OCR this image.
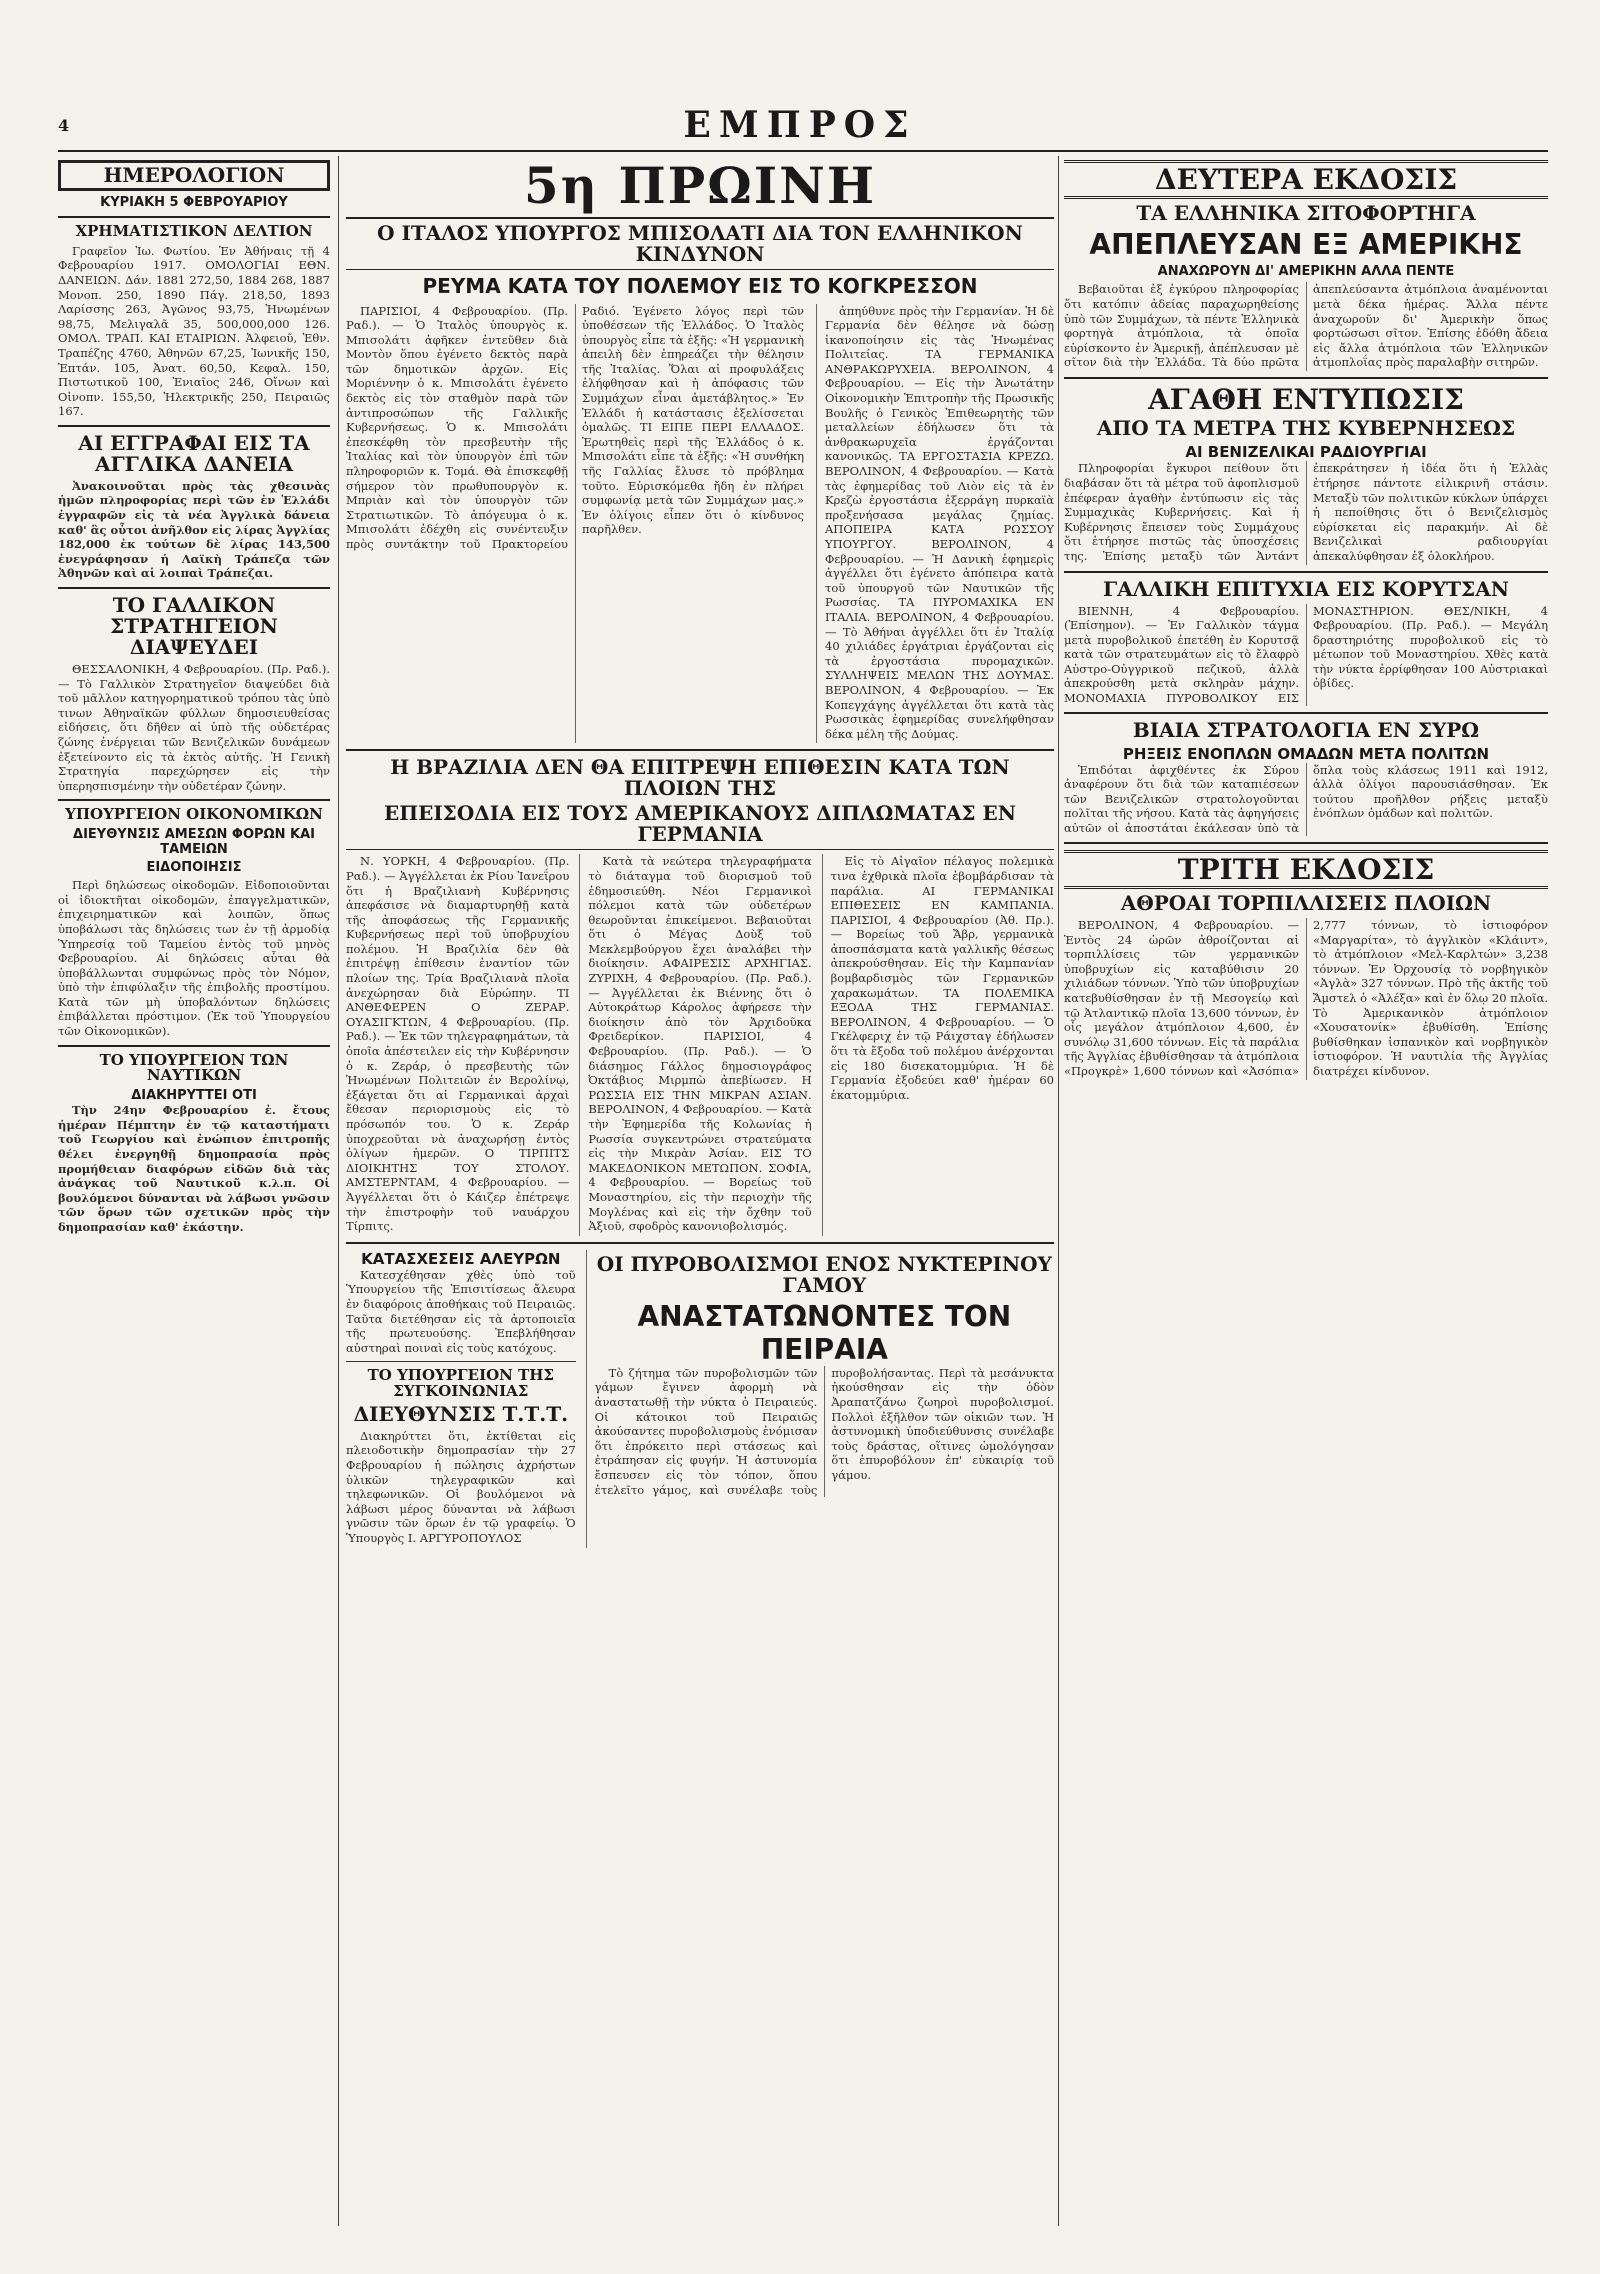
4	ΕΜΠΡΟΣ
ΗΜΕΡΟΛΟΓΙΟΝ
ΚΥΡΙΑΚΗ 5 ΦΕΒΡΟΥΑΡΙΟΥ
ΧΡΗΜΑΤΙΣΤΙΚΟΝ ΔΕΛΤΙΟΝ

Γραφεῖον Ἰω. Φωτίου. Ἐν Ἀθήναις τῇ 4 Φεβρουαρίου 1917. ΟΜΟΛΟΓΙΑΙ ΕΘΝ. ΔΑΝΕΙΩΝ. Δάν. 1881 272,50, 1884 268, 1887 Μονοπ. 250, 1890 Πάγ. 218,50, 1893 Λαρίσσης 263, Ἀγῶνος 93,75, Ἠνωμένων 98,75, Μελιγαλᾶ 35, 500,000,000 126. ΟΜΟΛ. ΤΡΑΠ. ΚΑΙ ΕΤΑΙΡΙΩΝ. Ἀλφειοῦ, Ἐθν. Τραπέζης 4760, Ἀθηνῶν 67,25, Ἰωνικῆς 150, Ἐπτάν. 105, Ἀνατ. 60,50, Κεφαλ. 150, Πιστωτικοῦ 100, Ἐνιαῖος 246, Οἴνων καὶ Οἰνοπν. 155,50, Ἠλεκτρικῆς 250, Πειραιῶς 167.

ΑΙ ΕΓΓΡΑΦΑΙ ΕΙΣ ΤΑ ΑΓΓΛΙΚΑ ΔΑΝΕΙΑ

Ἀνακοινοῦται πρὸς τὰς χθεσινὰς ἡμῶν πληροφορίας περὶ τῶν ἐν Ἑλλάδι ἐγγραφῶν εἰς τὰ νέα Ἀγγλικὰ δάνεια καθ' ἃς οὗτοι ἀνῆλθον εἰς λίρας Ἀγγλίας 182,000 ἐκ τούτων δὲ λίρας 143,500 ἐνεγράφησαν ἡ Λαϊκὴ Τράπεζα τῶν Ἀθηνῶν καὶ αἱ λοιπαὶ Τράπεζαι.

ΤΟ ΓΑΛΛΙΚΟΝ ΣΤΡΑΤΗΓΕΙΟΝ ΔΙΑΨΕΥΔΕΙ

ΘΕΣΣΑΛΟΝΙΚΗ, 4 Φεβρουαρίου. (Πρ. Ραδ.). — Τὸ Γαλλικὸν Στρατηγεῖον διαψεύδει διὰ τοῦ μᾶλλον κατηγορηματικοῦ τρόπου τὰς ὑπὸ τινων Ἀθηναϊκῶν φύλλων δημοσιευθείσας εἰδήσεις, ὅτι δῆθεν αἱ ὑπὸ τῆς οὐδετέρας ζώνης ἐνέργειαι τῶν Βενιζελικῶν δυνάμεων ἐξετείνοντο εἰς τὰ ἐκτὸς αὐτῆς. Ἡ Γενικὴ Στρατηγία παρεχώρησεν εἰς τὴν ὑπερησπισμένην τὴν οὐδετέραν ζώνην.

ΥΠΟΥΡΓΕΙΟΝ ΟΙΚΟΝΟΜΙΚΩΝ
ΔΙΕΥΘΥΝΣΙΣ ΑΜΕΣΩΝ ΦΟΡΩΝ ΚΑΙ ΤΑΜΕΙΩΝ
ΕΙΔΟΠΟΙΗΣΙΣ

Περὶ δηλώσεως οἰκοδομῶν. Εἰδοποιοῦνται οἱ ἰδιοκτῆται οἰκοδομῶν, ἐπαγγελματικῶν, ἐπιχειρηματικῶν καὶ λοιπῶν, ὅπως ὑποβάλωσι τὰς δηλώσεις των ἐν τῇ ἀρμοδίᾳ Ὑπηρεσίᾳ τοῦ Ταμείου ἐντὸς τοῦ μηνὸς Φεβρουαρίου. Αἱ δηλώσεις αὗται θὰ ὑποβάλλωνται συμφώνως πρὸς τὸν Νόμον, ὑπὸ τὴν ἐπιφύλαξιν τῆς ἐπιβολῆς προστίμου. Κατὰ τῶν μὴ ὑποβαλόντων δηλώσεις ἐπιβάλλεται πρόστιμον. (Ἐκ τοῦ Ὑπουργείου τῶν Οἰκονομικῶν).

ΤΟ ΥΠΟΥΡΓΕΙΟΝ ΤΩΝ ΝΑΥΤΙΚΩΝ
ΔΙΑΚΗΡΥΤΤΕΙ ΟΤΙ

Τὴν 24ην Φεβρουαρίου ἐ. ἔτους ἡμέραν Πέμπτην ἐν τῷ καταστήματι τοῦ Γεωργίου καὶ ἐνώπιον ἐπιτροπῆς θέλει ἐνεργηθῇ δημοπρασία πρὸς προμήθειαν διαφόρων εἰδῶν διὰ τὰς ἀνάγκας τοῦ Ναυτικοῦ κ.λ.π. Οἱ βουλόμενοι δύνανται νὰ λάβωσι γνῶσιν τῶν ὅρων τῶν σχετικῶν πρὸς τὴν δημοπρασίαν καθ' ἑκάστην.

5η ΠΡΩΙΝΗ
Ο ΙΤΑΛΟΣ ΥΠΟΥΡΓΟΣ ΜΠΙΣΟΛΑΤΙ ΔΙΑ ΤΟΝ ΕΛΛΗΝΙΚΟΝ ΚΙΝΔΥΝΟΝ
ΡΕΥΜΑ ΚΑΤΑ ΤΟΥ ΠΟΛΕΜΟΥ ΕΙΣ ΤΟ ΚΟΓΚΡΕΣΣΟΝ

ΠΑΡΙΣΙΟΙ, 4 Φεβρουαρίου. (Πρ. Ραδ.). — Ὁ Ἰταλὸς ὑπουργὸς κ. Μπισολάτι ἀφῆκεν ἐντεῦθεν διὰ Μοντὸν ὅπου ἐγένετο δεκτὸς παρὰ τῶν δημοτικῶν ἀρχῶν. Εἰς Μοριέννην ὁ κ. Μπισολάτι ἐγένετο δεκτὸς εἰς τὸν σταθμὸν παρὰ τῶν ἀντιπροσώπων τῆς Γαλλικῆς Κυβερνήσεως. Ὁ κ. Μπισολάτι ἐπεσκέφθη τὸν πρεσβευτὴν τῆς Ἰταλίας καὶ τὸν ὑπουργὸν ἐπὶ τῶν πληροφοριῶν κ. Τομά. Θὰ ἐπισκεφθῇ σήμερον τὸν πρωθυπουργὸν κ. Μπριὰν καὶ τὸν ὑπουργὸν τῶν Στρατιωτικῶν. Τὸ ἀπόγευμα ὁ κ. Μπισολάτι ἐδέχθη εἰς συνέντευξιν πρὸς συντάκτην τοῦ Πρακτορείου Ραδιό. Ἐγένετο λόγος περὶ τῶν ὑποθέσεων τῆς Ἑλλάδος. Ὁ Ἰταλὸς ὑπουργὸς εἶπε τὰ ἑξῆς: «Ἡ γερμανικὴ ἀπειλὴ δὲν ἐπηρεάζει τὴν θέλησιν τῆς Ἰταλίας. Ὅλαι αἱ προφυλάξεις ἐλήφθησαν καὶ ἡ ἀπόφασις τῶν Συμμάχων εἶναι ἀμετάβλητος.» Ἐν Ἑλλάδι ἡ κατάστασις ἐξελίσσεται ὁμαλῶς. ΤΙ ΕΙΠΕ ΠΕΡΙ ΕΛΛΑΔΟΣ. Ἐρωτηθεὶς περὶ τῆς Ἑλλάδος ὁ κ. Μπισολάτι εἶπε τὰ ἑξῆς: «Ἡ συνθήκη τῆς Γαλλίας ἔλυσε τὸ πρόβλημα τοῦτο. Εὑρισκόμεθα ἤδη ἐν πλήρει συμφωνίᾳ μετὰ τῶν Συμμάχων μας.» Ἐν ὀλίγοις εἶπεν ὅτι ὁ κίνδυνος παρῆλθεν.

ἀπηύθυνε πρὸς τὴν Γερμανίαν. Ἡ δὲ Γερμανία δὲν θέλησε νὰ δώσῃ ἱκανοποίησιν εἰς τὰς Ἡνωμένας Πολιτείας. ΤΑ ΓΕΡΜΑΝΙΚΑ ΑΝΘΡΑΚΩΡΥΧΕΙΑ. ΒΕΡΟΛΙΝΟΝ, 4 Φεβρουαρίου. — Εἰς τὴν Ἀνωτάτην Οἰκονομικὴν Ἐπιτροπὴν τῆς Πρωσικῆς Βουλῆς ὁ Γενικὸς Ἐπιθεωρητὴς τῶν μεταλλείων ἐδήλωσεν ὅτι τὰ ἀνθρακωρυχεῖα ἐργάζονται κανονικῶς. ΤΑ ΕΡΓΟΣΤΑΣΙΑ ΚΡΕΖΩ. ΒΕΡΟΛΙΝΟΝ, 4 Φεβρουαρίου. — Κατὰ τὰς ἐφημερίδας τοῦ Λιὸν εἰς τὰ ἐν Κρεζὼ ἐργοστάσια ἐξερράγη πυρκαϊὰ προξενήσασα μεγάλας ζημίας. ΑΠΟΠΕΙΡΑ ΚΑΤΑ ΡΩΣΣΟΥ ΥΠΟΥΡΓΟΥ. ΒΕΡΟΛΙΝΟΝ, 4 Φεβρουαρίου. — Ἡ Δανικὴ ἐφημερὶς ἀγγέλλει ὅτι ἐγένετο ἀπόπειρα κατὰ τοῦ ὑπουργοῦ τῶν Ναυτικῶν τῆς Ρωσσίας. ΤΑ ΠΥΡΟΜΑΧΙΚΑ ΕΝ ΙΤΑΛΙΑ. ΒΕΡΟΛΙΝΟΝ, 4 Φεβρουαρίου. — Τὸ Ἀθήναι ἀγγέλλει ὅτι ἐν Ἰταλίᾳ 40 χιλιάδες ἐργάτριαι ἐργάζονται εἰς τὰ ἐργοστάσια πυρομαχικῶν. ΣΥΛΛΗΨΕΙΣ ΜΕΛΩΝ ΤΗΣ ΔΟΥΜΑΣ. ΒΕΡΟΛΙΝΟΝ, 4 Φεβρουαρίου. — Ἐκ Κοπεγχάγης ἀγγέλλεται ὅτι κατὰ τὰς Ρωσσικὰς ἐφημερίδας συνελήφθησαν δέκα μέλη τῆς Δούμας.

Η ΒΡΑΖΙΛΙΑ ΔΕΝ ΘΑ ΕΠΙΤΡΕΨΗ ΕΠΙΘΕΣΙΝ ΚΑΤΑ ΤΩΝ ΠΛΟΙΩΝ ΤΗΣ
ΕΠΕΙΣΟΔΙΑ ΕΙΣ ΤΟΥΣ ΑΜΕΡΙΚΑΝΟΥΣ ΔΙΠΛΩΜΑΤΑΣ ΕΝ ΓΕΡΜΑΝΙΑ

Ν. ΥΟΡΚΗ, 4 Φεβρουαρίου. (Πρ. Ραδ.). — Ἀγγέλλεται ἐκ Ρίου Ἰανεΐρου ὅτι ἡ Βραζιλιανὴ Κυβέρνησις ἀπεφάσισε νὰ διαμαρτυρηθῇ κατὰ τῆς ἀποφάσεως τῆς Γερμανικῆς Κυβερνήσεως περὶ τοῦ ὑποβρυχίου πολέμου. Ἡ Βραζιλία δὲν θὰ ἐπιτρέψῃ ἐπίθεσιν ἐναντίον τῶν πλοίων της. Τρία Βραζιλιανὰ πλοῖα ἀνεχώρησαν διὰ Εὐρώπην. ΤΙ ΑΝΘΕΦΕΡΕΝ Ο ΖΕΡΑΡ. ΟΥΑΣΙΓΚΤΩΝ, 4 Φεβρουαρίου. (Πρ. Ραδ.). — Ἐκ τῶν τηλεγραφημάτων, τὰ ὁποῖα ἀπέστειλεν εἰς τὴν Κυβέρνησιν ὁ κ. Ζεράρ, ὁ πρεσβευτὴς τῶν Ἡνωμένων Πολιτειῶν ἐν Βερολίνῳ, ἐξάγεται ὅτι αἱ Γερμανικαὶ ἀρχαὶ ἔθεσαν περιορισμοὺς εἰς τὸ πρόσωπόν του. Ὁ κ. Ζεράρ ὑποχρεοῦται νὰ ἀναχωρήσῃ ἐντὸς ὀλίγων ἡμερῶν. Ο ΤΙΡΠΙΤΣ ΔΙΟΙΚΗΤΗΣ ΤΟΥ ΣΤΟΛΟΥ. ΑΜΣΤΕΡΝΤΑΜ, 4 Φεβρουαρίου. — Ἀγγέλλεται ὅτι ὁ Κάιζερ ἐπέτρεψε τὴν ἐπιστροφὴν τοῦ ναυάρχου Τίρπιτς.

Κατὰ τὰ νεώτερα τηλεγραφήματα τὸ διάταγμα τοῦ διορισμοῦ τοῦ ἐδημοσιεύθη. Νέοι Γερμανικοὶ πόλεμοι κατὰ τῶν οὐδετέρων θεωροῦνται ἐπικείμενοι. Βεβαιοῦται ὅτι ὁ Μέγας Δοὺξ τοῦ Μεκλεμβούργου ἔχει ἀναλάβει τὴν διοίκησιν. ΑΦΑΙΡΕΣΙΣ ΑΡΧΗΓΙΑΣ. ΖΥΡΙΧΗ, 4 Φεβρουαρίου. (Πρ. Ραδ.). — Ἀγγέλλεται ἐκ Βιέννης ὅτι ὁ Αὐτοκράτωρ Κάρολος ἀφήρεσε τὴν διοίκησιν ἀπὸ τὸν Ἀρχιδοῦκα Φρειδερίκον. ΠΑΡΙΣΙΟΙ, 4 Φεβρουαρίου. (Πρ. Ραδ.). — Ὁ διάσημος Γάλλος δημοσιογράφος Ὀκτάβιος Μιρμπὼ ἀπεβίωσεν. Η ΡΩΣΣΙΑ ΕΙΣ ΤΗΝ ΜΙΚΡΑΝ ΑΣΙΑΝ. ΒΕΡΟΛΙΝΟΝ, 4 Φεβρουαρίου. — Κατὰ τὴν Ἐφημερίδα τῆς Κολωνίας ἡ Ρωσσία συγκεντρώνει στρατεύματα εἰς τὴν Μικρὰν Ἀσίαν. ΕΙΣ ΤΟ ΜΑΚΕΔΟΝΙΚΟΝ ΜΕΤΩΠΟΝ. ΣΟΦΙΑ, 4 Φεβρουαρίου. — Βορείως τοῦ Μοναστηρίου, εἰς τὴν περιοχὴν τῆς Μογλένας καὶ εἰς τὴν ὄχθην τοῦ Ἀξιοῦ, σφοδρὸς κανονιοβολισμός.

Εἰς τὸ Αἰγαῖον πέλαγος πολεμικὰ τινα ἐχθρικὰ πλοῖα ἐβομβάρδισαν τὰ παράλια. ΑΙ ΓΕΡΜΑΝΙΚΑΙ ΕΠΙΘΕΣΕΙΣ ΕΝ ΚΑΜΠΑΝΙΑ. ΠΑΡΙΣΙΟΙ, 4 Φεβρουαρίου (Ἀθ. Πρ.). — Βορείως τοῦ Ἄβρ, γερμανικὰ ἀποσπάσματα κατὰ γαλλικῆς θέσεως ἀπεκρούσθησαν. Εἰς τὴν Καμπανίαν βομβαρδισμὸς τῶν Γερμανικῶν χαρακωμάτων. ΤΑ ΠΟΛΕΜΙΚΑ ΕΞΟΔΑ ΤΗΣ ΓΕΡΜΑΝΙΑΣ. ΒΕΡΟΛΙΝΟΝ, 4 Φεβρουαρίου. — Ὁ Γκέλφεριχ ἐν τῷ Ράιχσταγ ἐδήλωσεν ὅτι τὰ ἔξοδα τοῦ πολέμου ἀνέρχονται εἰς 180 δισεκατομμύρια. Ἡ δὲ Γερμανία ἐξοδεύει καθ' ἡμέραν 60 ἑκατομμύρια.

ΚΑΤΑΣΧΕΣΕΙΣ ΑΛΕΥΡΩΝ

Κατεσχέθησαν χθὲς ὑπὸ τοῦ Ὑπουργείου τῆς Ἐπισιτίσεως ἄλευρα ἐν διαφόροις ἀποθήκαις τοῦ Πειραιῶς. Ταῦτα διετέθησαν εἰς τὰ ἀρτοποιεῖα τῆς πρωτευούσης. Ἐπεβλήθησαν αὐστηραὶ ποιναὶ εἰς τοὺς κατόχους.

ΤΟ ΥΠΟΥΡΓΕΙΟΝ ΤΗΣ ΣΥΓΚΟΙΝΩΝΙΑΣ
ΔΙΕΥΘΥΝΣΙΣ Τ.Τ.Τ.

Διακηρύττει ὅτι, ἐκτίθεται εἰς πλειοδοτικὴν δημοπρασίαν τὴν 27 Φεβρουαρίου ἡ πώλησις ἀχρήστων ὑλικῶν τηλεγραφικῶν καὶ τηλεφωνικῶν. Οἱ βουλόμενοι νὰ λάβωσι μέρος δύνανται νὰ λάβωσι γνῶσιν τῶν ὅρων ἐν τῷ γραφείῳ. Ὁ Ὑπουργὸς Ι. ΑΡΓΥΡΟΠΟΥΛΟΣ

ΟΙ ΠΥΡΟΒΟΛΙΣΜΟΙ ΕΝΟΣ ΝΥΚΤΕΡΙΝΟΥ ΓΑΜΟΥ
ΑΝΑΣΤΑΤΩΝΟΝΤΕΣ ΤΟΝ ΠΕΙΡΑΙΑ

Τὸ ζήτημα τῶν πυροβολισμῶν τῶν γάμων ἔγινεν ἀφορμὴ νὰ ἀναστατωθῇ τὴν νύκτα ὁ Πειραιεύς. Οἱ κάτοικοι τοῦ Πειραιῶς ἀκούσαντες πυροβολισμοὺς ἐνόμισαν ὅτι ἐπρόκειτο περὶ στάσεως καὶ ἐτράπησαν εἰς φυγήν. Ἡ ἀστυνομία ἔσπευσεν εἰς τὸν τόπον, ὅπου ἐτελεῖτο γάμος, καὶ συνέλαβε τοὺς πυροβολήσαντας. Περὶ τὰ μεσάνυκτα ἠκούσθησαν εἰς τὴν ὁδὸν Ἀραπατζάνω ζωηροὶ πυροβολισμοί. Πολλοὶ ἐξῆλθον τῶν οἰκιῶν των. Ἡ ἀστυνομικὴ ὑποδιεύθυνσις συνέλαβε τοὺς δράστας, οἵτινες ὡμολόγησαν ὅτι ἐπυροβόλουν ἐπ' εὐκαιρίᾳ τοῦ γάμου.

ΔΕΥΤΕΡΑ ΕΚΔΟΣΙΣ
ΤΑ ΕΛΛΗΝΙΚΑ ΣΙΤΟΦΟΡΤΗΓΑ
ΑΠΕΠΛΕΥΣΑΝ ΕΞ ΑΜΕΡΙΚΗΣ
ΑΝΑΧΩΡΟΥΝ ΔΙ' ΑΜΕΡΙΚΗΝ ΑΛΛΑ ΠΕΝΤΕ

Βεβαιοῦται ἐξ ἐγκύρου πληροφορίας ὅτι κατόπιν ἀδείας παραχωρηθείσης ὑπὸ τῶν Συμμάχων, τὰ πέντε Ἑλληνικὰ φορτηγὰ ἀτμόπλοια, τὰ ὁποῖα εὑρίσκοντο ἐν Ἀμερικῇ, ἀπέπλευσαν μὲ σῖτον διὰ τὴν Ἑλλάδα. Τὰ δύο πρῶτα ἀπεπλεύσαντα ἀτμόπλοια ἀναμένονται μετὰ δέκα ἡμέρας. Ἄλλα πέντε ἀναχωροῦν δι' Ἀμερικὴν ὅπως φορτώσωσι σῖτον. Ἐπίσης ἐδόθη ἄδεια εἰς ἄλλα ἀτμόπλοια τῶν Ἑλληνικῶν ἀτμοπλοΐας πρὸς παραλαβὴν σιτηρῶν.

ΑΓΑΘΗ ΕΝΤΥΠΩΣΙΣ
ΑΠΟ ΤΑ ΜΕΤΡΑ ΤΗΣ ΚΥΒΕΡΝΗΣΕΩΣ
ΑΙ ΒΕΝΙΖΕΛΙΚΑΙ ΡΑΔΙΟΥΡΓΙΑΙ

Πληροφορίαι ἔγκυροι πείθουν ὅτι διαβάσαν ὅτι τὰ μέτρα τοῦ ἀφοπλισμοῦ ἐπέφεραν ἀγαθὴν ἐντύπωσιν εἰς τὰς Συμμαχικὰς Κυβερνήσεις. Καὶ ἡ Κυβέρνησις ἔπεισεν τοὺς Συμμάχους ὅτι ἐτήρησε πιστῶς τὰς ὑποσχέσεις της. Ἐπίσης μεταξὺ τῶν Ἀντάντ ἐπεκράτησεν ἡ ἰδέα ὅτι ἡ Ἑλλὰς ἐτήρησε πάντοτε εἰλικρινῆ στάσιν. Μεταξὺ τῶν πολιτικῶν κύκλων ὑπάρχει ἡ πεποίθησις ὅτι ὁ Βενιζελισμὸς εὑρίσκεται εἰς παρακμήν. Αἱ δὲ Βενιζελικαὶ ραδιουργίαι ἀπεκαλύφθησαν ἐξ ὁλοκλήρου.

ΓΑΛΛΙΚΗ ΕΠΙΤΥΧΙΑ ΕΙΣ ΚΟΡΥΤΣΑΝ

ΒΙΕΝΝΗ, 4 Φεβρουαρίου. (Ἐπίσημον). — Ἐν Γαλλικὸν τάγμα μετὰ πυροβολικοῦ ἐπετέθη ἐν Κορυτσᾷ κατὰ τῶν στρατευμάτων εἰς τὸ ἔλαφρὸ Αὐστρο-Οὐγγρικοῦ πεζικοῦ, ἀλλὰ ἀπεκρούσθη μετὰ σκληρὰν μάχην. ΜΟΝΟΜΑΧΙΑ ΠΥΡΟΒΟΛΙΚΟΥ ΕΙΣ ΜΟΝΑΣΤΗΡΙΟΝ. ΘΕΣ/ΝΙΚΗ, 4 Φεβρουαρίου. (Πρ. Ραδ.). — Μεγάλη δραστηριότης πυροβολικοῦ εἰς τὸ μέτωπον τοῦ Μοναστηρίου. Χθὲς κατὰ τὴν νύκτα ἐρρίφθησαν 100 Αὐστριακαὶ ὀβίδες.

ΒΙΑΙΑ ΣΤΡΑΤΟΛΟΓΙΑ ΕΝ ΣΥΡΩ
ΡΗΞΕΙΣ ΕΝΟΠΛΩΝ ΟΜΑΔΩΝ ΜΕΤΑ ΠΟΛΙΤΩΝ

Ἐπιδόται ἀφιχθέντες ἐκ Σύρου ἀναφέρουν ὅτι διὰ τῶν καταπιέσεων τῶν Βενιζελικῶν στρατολογοῦνται πολῖται τῆς νήσου. Κατὰ τὰς ἀφηγήσεις αὐτῶν οἱ ἀποστάται ἐκάλεσαν ὑπὸ τὰ ὅπλα τοὺς κλάσεως 1911 καὶ 1912, ἀλλὰ ὀλίγοι παρουσιάσθησαν. Ἐκ τούτου προῆλθον ρήξεις μεταξὺ ἐνόπλων ὁμάδων καὶ πολιτῶν.

ΤΡΙΤΗ ΕΚΔΟΣΙΣ
ΑΘΡΟΑΙ ΤΟΡΠΙΛΛΙΣΕΙΣ ΠΛΟΙΩΝ

ΒΕΡΟΛΙΝΟΝ, 4 Φεβρουαρίου. — Ἐντὸς 24 ὡρῶν ἀθροίζονται αἱ τορπιλλίσεις τῶν γερμανικῶν ὑποβρυχίων εἰς καταβύθισιν 20 χιλιάδων τόννων. Ὑπὸ τῶν ὑποβρυχίων κατεβυθίσθησαν ἐν τῇ Μεσογείῳ καὶ τῷ Ἀτλαντικῷ πλοῖα 13,600 τόννων, ἐν οἷς μεγάλον ἀτμόπλοιον 4,600, ἐν συνόλῳ 31,600 τόννων. Εἰς τὰ παράλια τῆς Ἀγγλίας ἐβυθίσθησαν τὰ ἀτμόπλοια «Προγκρὲ» 1,600 τόννων καὶ «Ἀσόπια» 2,777 τόννων, τὸ ἰστιοφόρον «Μαργαρίτα», τὸ ἀγγλικὸν «Κλάιντ», τὸ ἀτμόπλοιον «Μελ-Καρλτών» 3,238 τόννων. Ἐν Ὀρχουσίᾳ τὸ νορβηγικὸν «Ἀγλὰ» 327 τόννων. Πρὸ τῆς ἀκτῆς τοῦ Ἄμστελ ὁ «Ἀλέξα» καὶ ἐν ὅλῳ 20 πλοῖα. Τὸ Ἀμερικανικὸν ἀτμόπλοιον «Χουσατονίκ» ἐβυθίσθη. Ἐπίσης βυθίσθηκαν ἰσπανικὸν καὶ νορβηγικὸν ἱστιοφόρον. Ἡ ναυτιλία τῆς Ἀγγλίας διατρέχει κίνδυνον.
